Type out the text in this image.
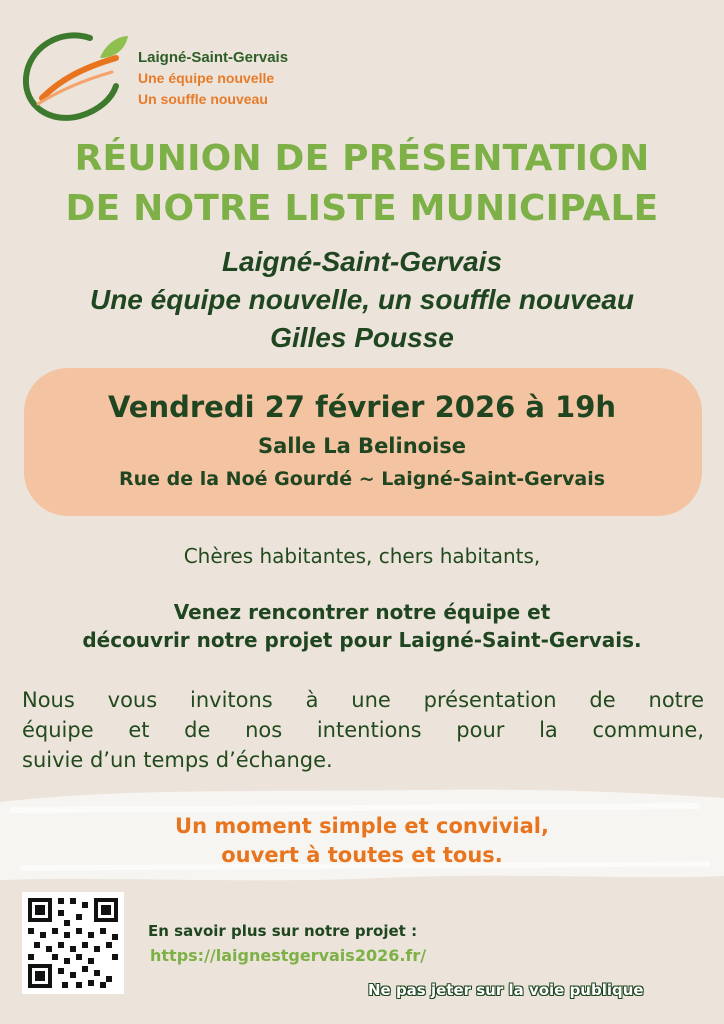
Laigné-Saint-Gervais
Une équipe nouvelle
Un souffle nouveau
RÉUNION DE PRÉSENTATION
DE NOTRE LISTE MUNICIPALE
Laigné-Saint-Gervais
Une équipe nouvelle, un souffle nouveau
Gilles Pousse
Vendredi 27 février 2026 à 19h
Salle La Belinoise
Rue de la Noé Gourdé ~ Laigné-Saint-Gervais
Chères habitantes, chers habitants,
Venez rencontrer notre équipe et
découvrir notre projet pour Laigné-Saint-Gervais.
Nous vous invitons à une présentation de notre
équipe et de nos intentions pour la commune,
suivie d’un temps d’échange.
Un moment simple et convivial,
ouvert à toutes et tous.
En savoir plus sur notre projet :
https://laignestgervais2026.fr/
Ne pas jeter sur la voie publique
